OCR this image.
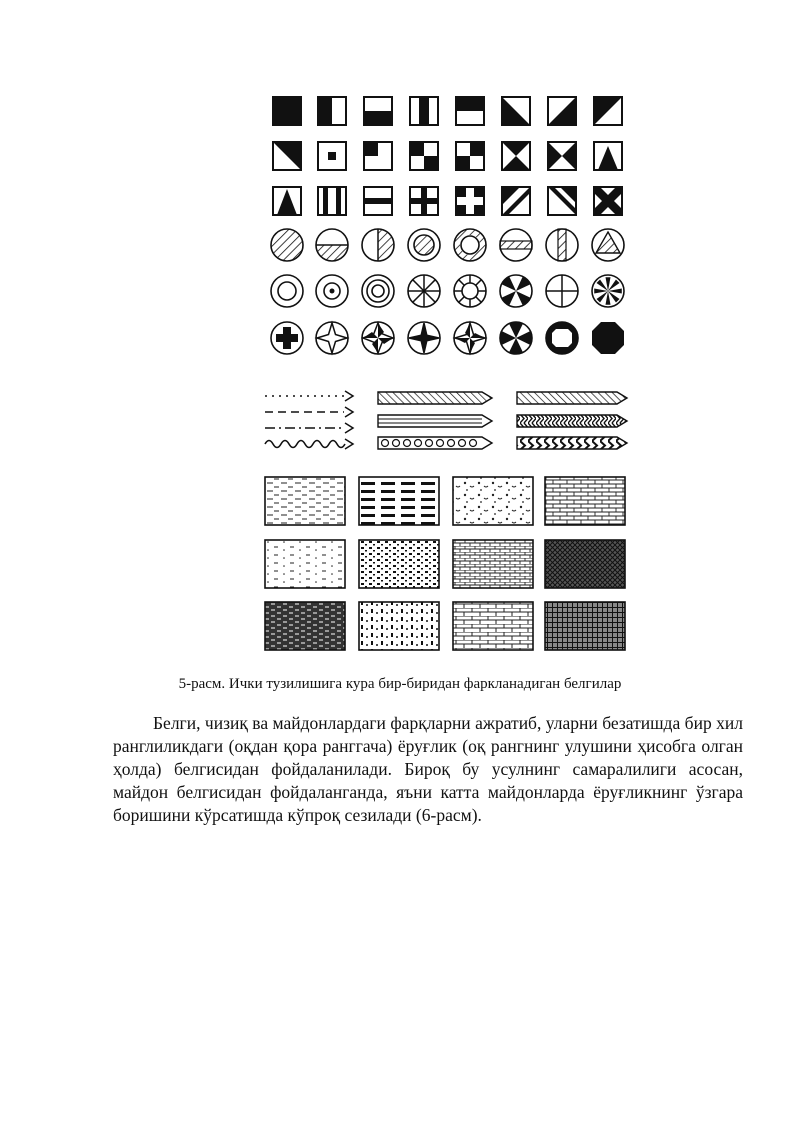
5-расм. Ички тузилишига кура бир-биридан фаркланадиган белгилар

Белги, чизиқ ва майдонлардаги фарқларни ажратиб, уларни безатишда бир хил ранглиликдаги (оқдан қора ранггача) ёруғлик (оқ рангнинг улушини ҳисобга олган ҳолда) белгисидан фойдаланилади. Бироқ бу усулнинг самаралилиги асосан, майдон белгисидан фойдаланганда, яъни катта майдонларда ёруғликнинг ўзгара боришини кўрсатишда кўпроқ сезилади (6-расм).
